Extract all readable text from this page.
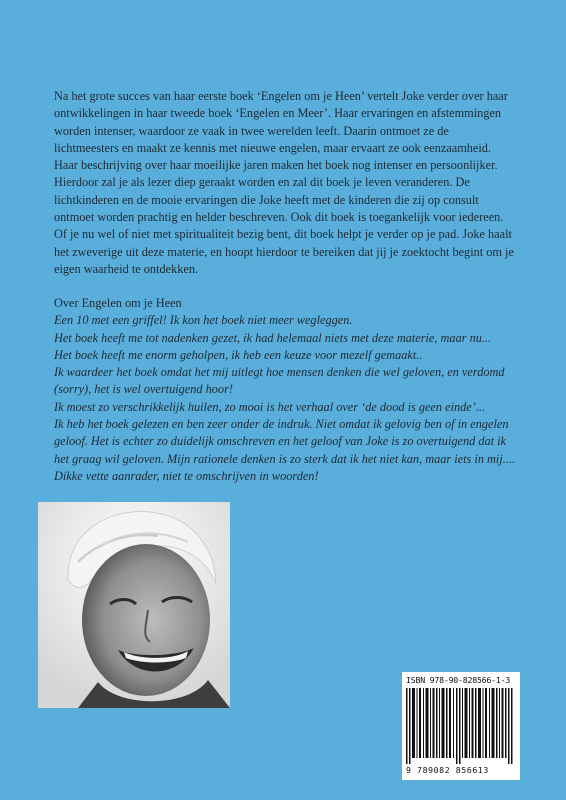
Na het grote succes van haar eerste boek ‘Engelen om je Heen’ vertelt Joke verder over haar ontwikkelingen in haar tweede boek ‘Engelen en Meer’. Haar ervaringen en afstemmingen worden intenser, waardoor ze vaak in twee werelden leeft. Daarin ontmoet ze de lichtmeesters en maakt ze kennis met nieuwe engelen, maar ervaart ze ook eenzaamheid. Haar beschrijving over haar moeilijke jaren maken het boek nog intenser en persoonlijker. Hierdoor zal je als lezer diep geraakt worden en zal dit boek je leven veranderen. De lichtkinderen en de mooie ervaringen die Joke heeft met de kinderen die zij op consult ontmoet worden prachtig en helder beschreven. Ook dit boek is toegankelijk voor iedereen. Of je nu wel of niet met spiritualiteit bezig bent, dit boek helpt je verder op je pad. Joke haalt het zweverige uit deze materie, en hoopt hierdoor te bereiken dat jij je zoektocht begint om je eigen waarheid te ontdekken.

Over Engelen om je Heen
Een 10 met een griffel! Ik kon het boek niet meer wegleggen.
Het boek heeft me tot nadenken gezet, ik had helemaal niets met deze materie, maar nu...
Het boek heeft me enorm geholpen, ik heb een keuze voor mezelf gemaakt..
Ik waardeer het boek omdat het mij uitlegt hoe mensen denken die wel geloven, en verdomd (sorry), het is wel overtuigend hoor!
Ik moest zo verschrikkelijk huilen, zo mooi is het verhaal over ‘de dood is geen einde’...
Ik heb het boek gelezen en ben zeer onder de indruk. Niet omdat ik gelovig ben of in engelen geloof. Het is echter zo duidelijk omschreven en het geloof van Joke is zo overtuigend dat ik het graag wil geloven. Mijn rationele denken is zo sterk dat ik het niet kan, maar iets in mij....
Dikke vette aanrader, niet te omschrijven in woorden!
ISBN 978-90-828566-1-3
9 789082 856613
